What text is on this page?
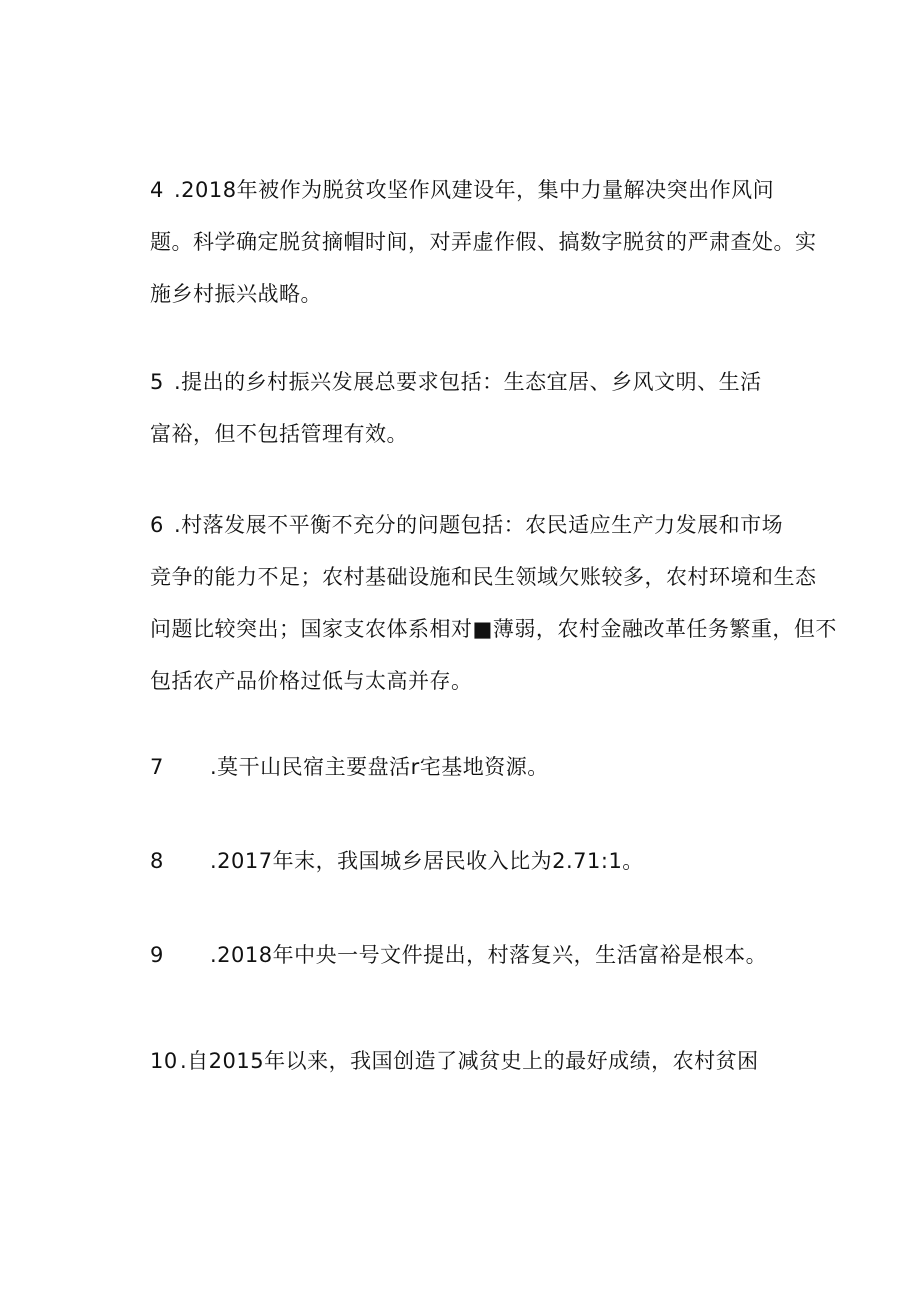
4 .2018年被作为脱贫攻坚作风建设年，集中力量解决突出作风问
题。科学确定脱贫摘帽时间，对弄虚作假、搞数字脱贫的严肃查处。实
施乡村振兴战略。
5 .提出的乡村振兴发展总要求包括：生态宜居、乡风文明、生活
富裕，但不包括管理有效。
6 .村落发展不平衡不充分的问题包括：农民适应生产力发展和市场
竞争的能力不足；农村基础设施和民生领域欠账较多，农村环境和生态
问题比较突出；国家支农体系相对■薄弱，农村金融改革任务繁重，但不
包括农产品价格过低与太高并存。
7 .莫干山民宿主要盘活r宅基地资源。
8 .2017年末，我国城乡居民收入比为2.71:1。
9 .2018年中央一号文件提出，村落复兴，生活富裕是根本。
10 .自2015年以来，我国创造了减贫史上的最好成绩，农村贫困
